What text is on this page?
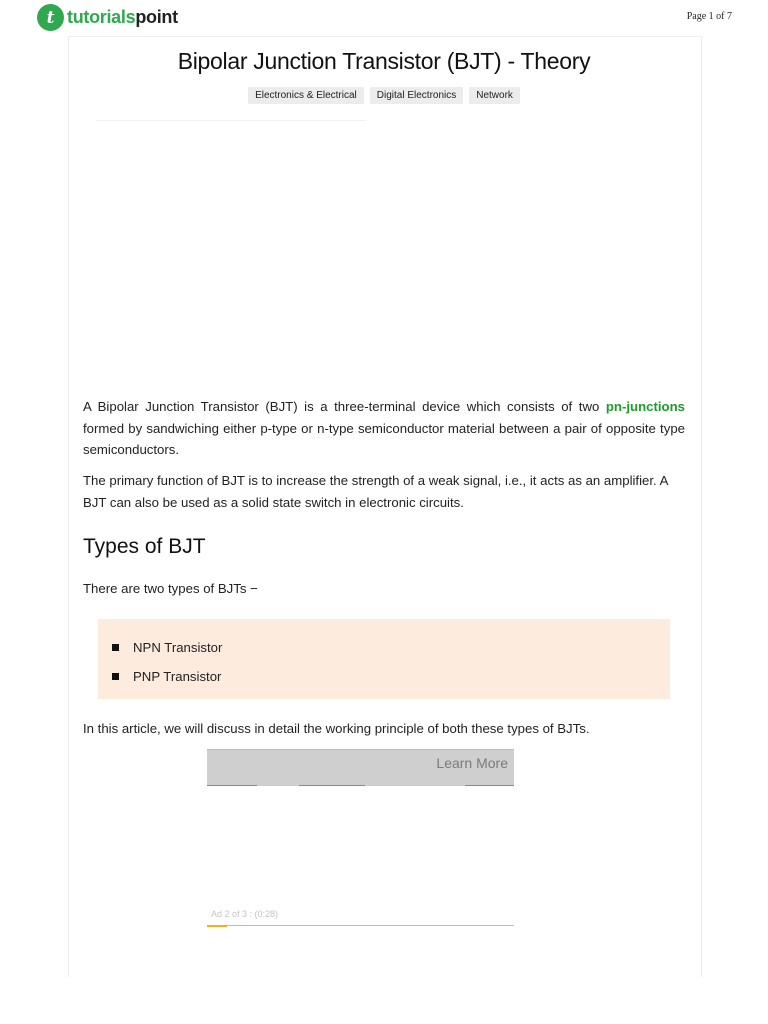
t tutorialspoint	Page 1 of 7
Bipolar Junction Transistor (BJT) - Theory
Electronics & Electrical	Digital Electronics	Network

A Bipolar Junction Transistor (BJT) is a three-terminal device which consists of two pn-junctions formed by sandwiching either p-type or n-type semiconductor material between a pair of opposite type semiconductors.

The primary function of BJT is to increase the strength of a weak signal, i.e., it acts as an amplifier. A BJT can also be used as a solid state switch in electronic circuits.

Types of BJT

There are two types of BJTs −

NPN Transistor
PNP Transistor

In this article, we will discuss in detail the working principle of both these types of BJTs.

Learn More
Ad 2 of 3 : (0:28)
